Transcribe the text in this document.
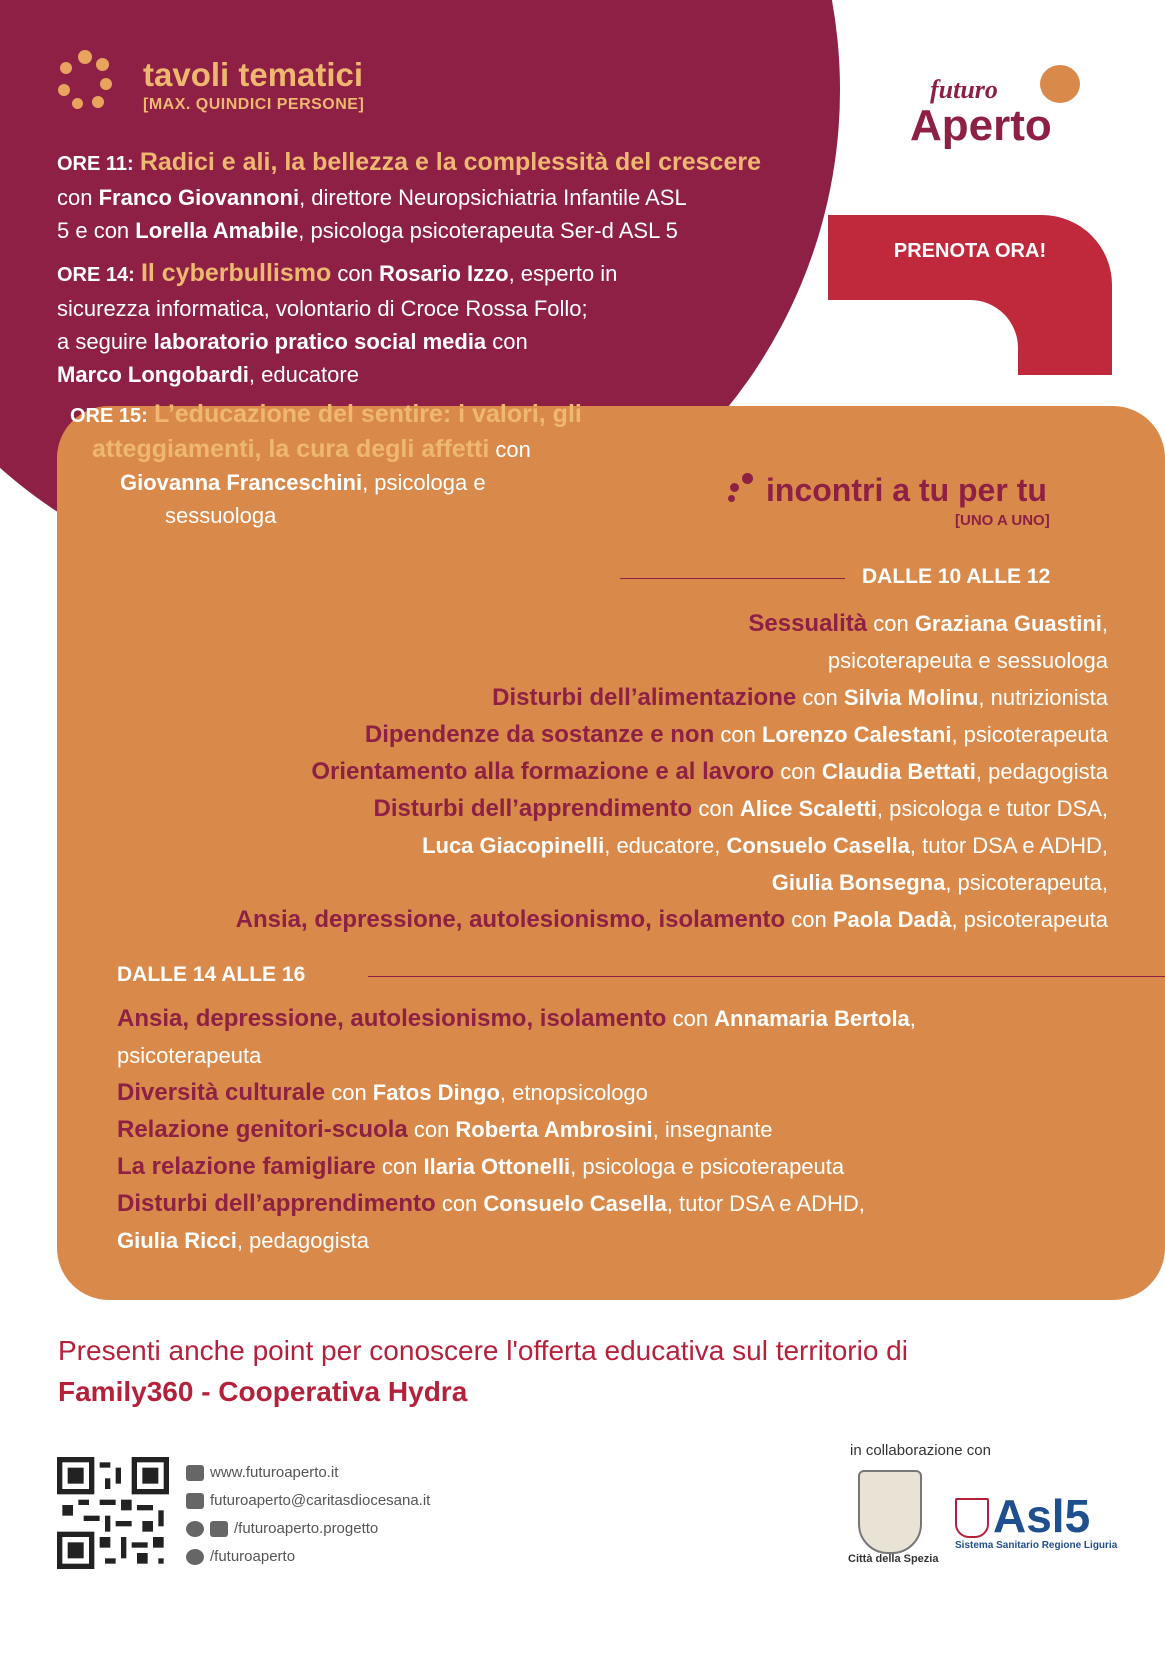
PRENOTA ORA!
tavoli tematici
[MAX. QUINDICI PERSONE]
ORE 11: Radici e ali, la bellezza e la complessità del crescere
con Franco Giovannoni, direttore Neuropsichiatria Infantile ASL
5 e con Lorella Amabile, psicologa psicoterapeuta Ser-d ASL 5
ORE 14: Il cyberbullismo con Rosario Izzo, esperto in
sicurezza informatica, volontario di Croce Rossa Follo;
a seguire laboratorio pratico social media con
Marco Longobardi, educatore
ORE 15: L’educazione del sentire: i valori, gli
atteggiamenti, la cura degli affetti con
Giovanna Franceschini, psicologa e
sessuologa
futuro
Aperto
incontri a tu per tu
[UNO A UNO]
DALLE 10 ALLE 12
Sessualità con Graziana Guastini,
psicoterapeuta e sessuologa
Disturbi dell’alimentazione con Silvia Molinu, nutrizionista
Dipendenze da sostanze e non con Lorenzo Calestani, psicoterapeuta
Orientamento alla formazione e al lavoro con Claudia Bettati, pedagogista
Disturbi dell’apprendimento con Alice Scaletti, psicologa e tutor DSA,
Luca Giacopinelli, educatore, Consuelo Casella, tutor DSA e ADHD,
Giulia Bonsegna, psicoterapeuta,
Ansia, depressione, autolesionismo, isolamento con Paola Dadà, psicoterapeuta
DALLE 14 ALLE 16
Ansia, depressione, autolesionismo, isolamento con Annamaria Bertola,
psicoterapeuta
Diversità culturale con Fatos Dingo, etnopsicologo
Relazione genitori-scuola con Roberta Ambrosini, insegnante
La relazione famigliare con Ilaria Ottonelli, psicologa e psicoterapeuta
Disturbi dell’apprendimento con Consuelo Casella, tutor DSA e ADHD,
Giulia Ricci, pedagogista
Presenti anche point per conoscere l'offerta educativa sul territorio di
Family360 - Cooperativa Hydra
www.futuroaperto.it
futuroaperto@caritasdiocesana.it
/futuroaperto.progetto
/futuroaperto
in collaborazione con
Città della Spezia
Asl5
Sistema Sanitario Regione Liguria
